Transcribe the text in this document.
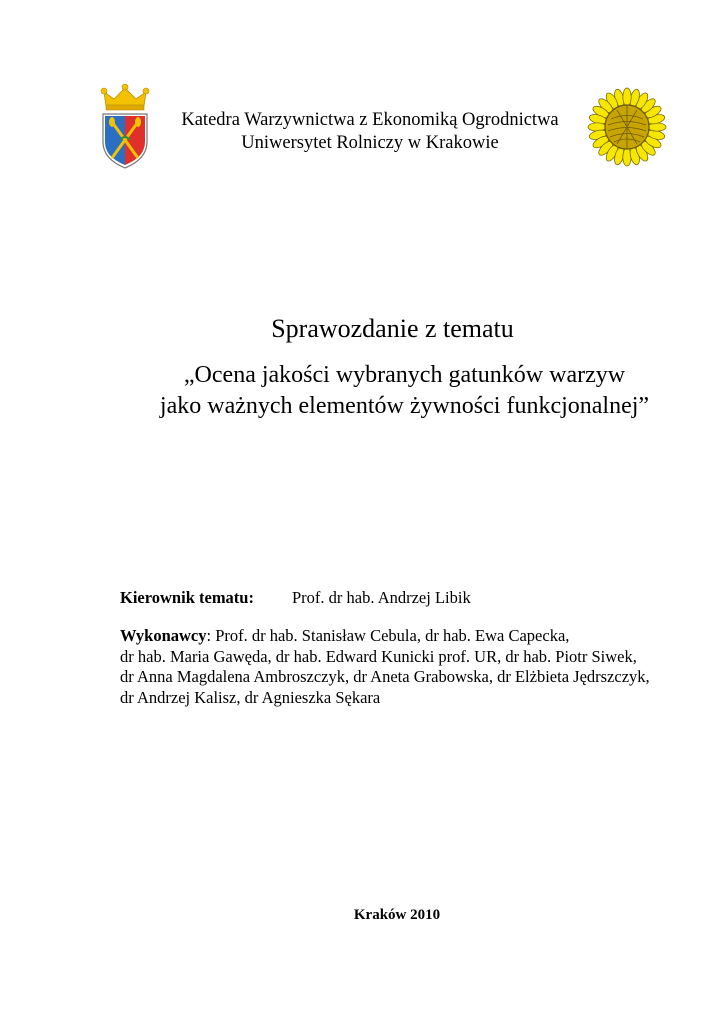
Katedra Warzywnictwa z Ekonomiką Ogrodnictwa
Uniwersytet Rolniczy w Krakowie
Sprawozdanie z tematu
„Ocena jakości wybranych gatunków warzyw
jako ważnych elementów żywności funkcjonalnej”
Kierownik tematu: Prof. dr hab. Andrzej Libik
Wykonawcy: Prof. dr hab. Stanisław Cebula, dr hab. Ewa Capecka,
dr hab. Maria Gawęda, dr hab. Edward Kunicki prof. UR, dr hab. Piotr Siwek,
dr Anna Magdalena Ambroszczyk, dr Aneta Grabowska, dr Elżbieta Jędrszczyk,
dr Andrzej Kalisz, dr Agnieszka Sękara
Kraków 2010
